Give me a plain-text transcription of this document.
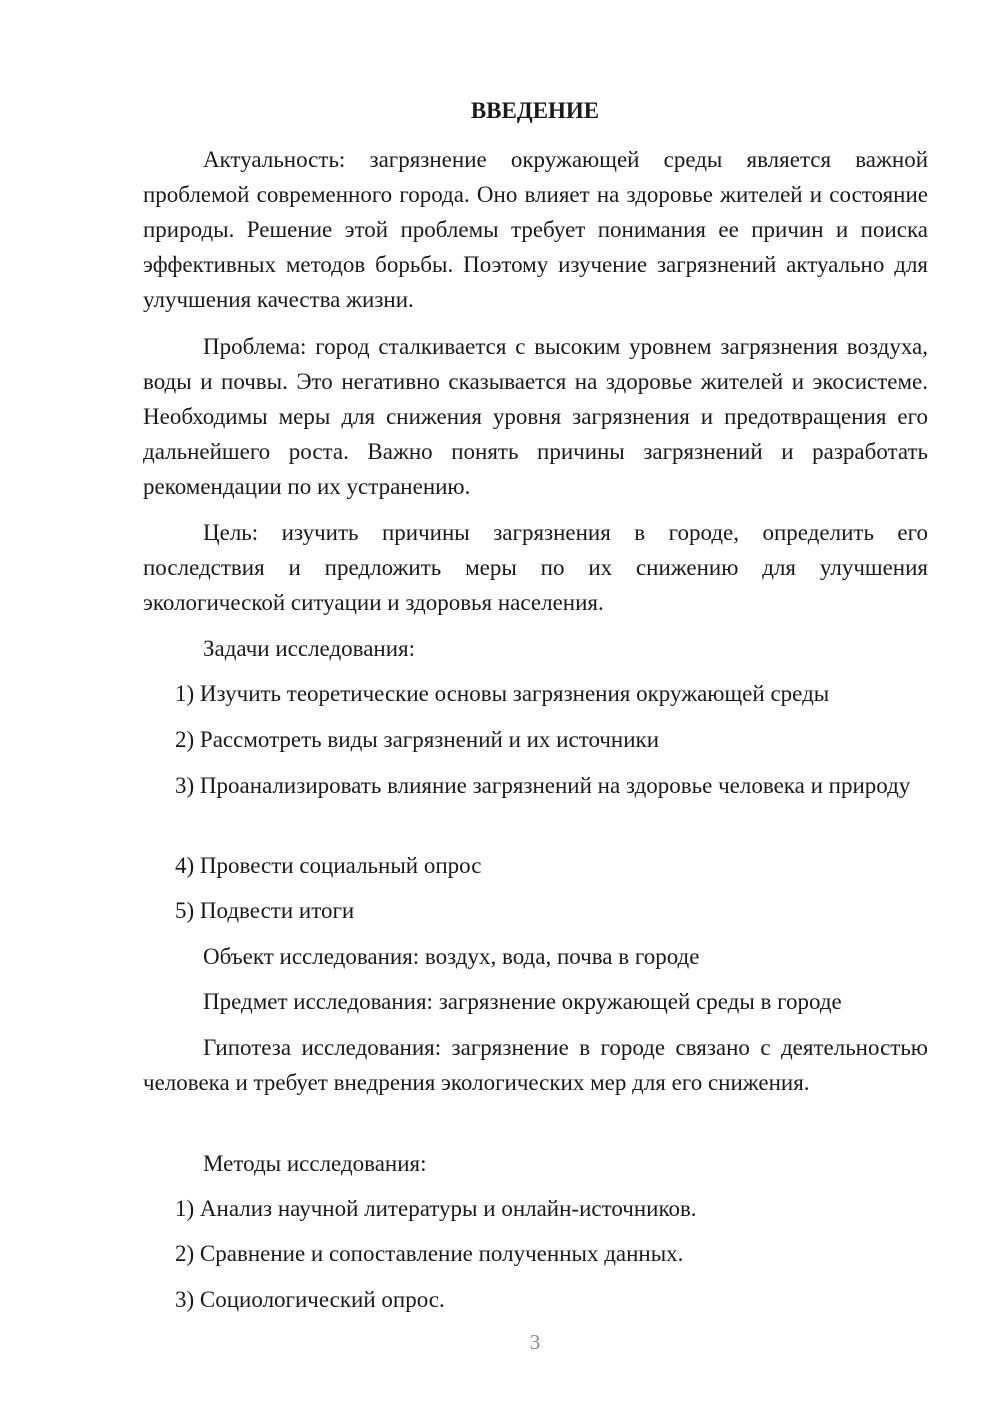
ВВЕДЕНИЕ

Актуальность: загрязнение окружающей среды является важной проблемой современного города. Оно влияет на здоровье жителей и состояние природы. Решение этой проблемы требует понимания ее причин и поиска эффективных методов борьбы. Поэтому изучение загрязнений актуально для улучшения качества жизни.

Проблема: город сталкивается с высоким уровнем загрязнения воздуха, воды и почвы. Это негативно сказывается на здоровье жителей и экосистеме. Необходимы меры для снижения уровня загрязнения и предотвращения его дальнейшего роста. Важно понять причины загрязнений и разработать рекомендации по их устранению.

Цель: изучить причины загрязнения в городе, определить его последствия и предложить меры по их снижению для улучшения экологической ситуации и здоровья населения.

Задачи исследования:
1) Изучить теоретические основы загрязнения окружающей среды
2) Рассмотреть виды загрязнений и их источники

3) Проанализировать влияние загрязнений на здоровье человека и природу

4) Провести социальный опрос
5) Подвести итоги
Объект исследования: воздух, вода, почва в городе
Предмет исследования: загрязнение окружающей среды в городе

Гипотеза исследования: загрязнение в городе связано с деятельностью человека и требует внедрения экологических мер для его снижения.

Методы исследования:
1) Анализ научной литературы и онлайн-источников.
2) Сравнение и сопоставление полученных данных.
3) Социологический опрос.
3
